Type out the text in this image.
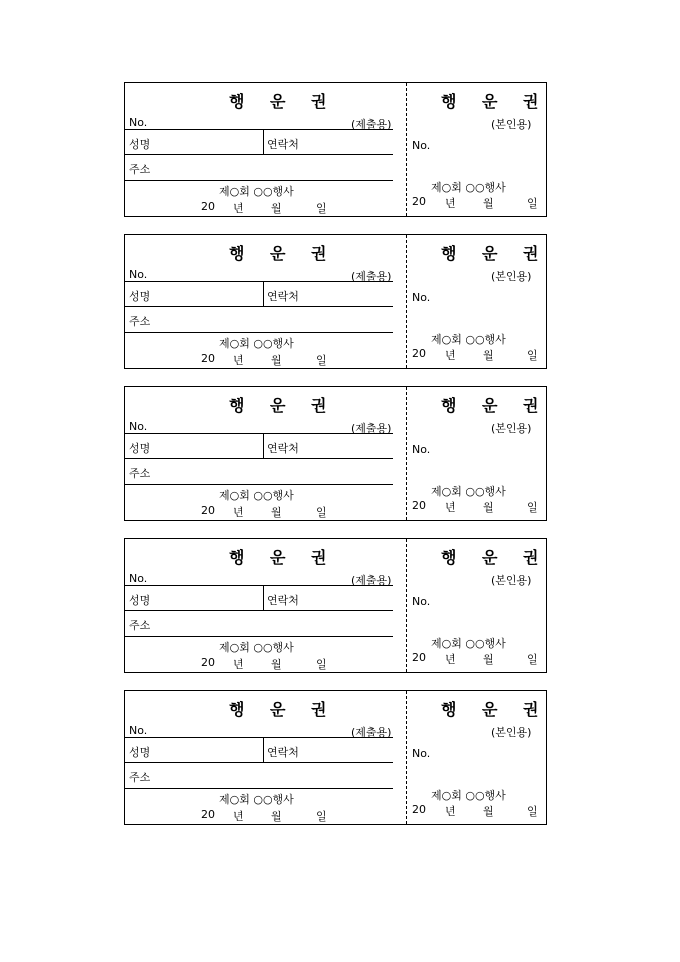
행 운 권
No.	(제출용)
성명	연락처
주소
제○회 ○○행사
20 년 월	일
행 운 권
(본인용)
No.
제○회 ○○행사
20 년 월	일
행 운 권
No.	(제출용)
성명	연락처
주소
제○회 ○○행사
20 년 월	일
행 운 권
(본인용)
No.
제○회 ○○행사
20 년 월	일
행 운 권
No.	(제출용)
성명	연락처
주소
제○회 ○○행사
20 년 월	일
행 운 권
(본인용)
No.
제○회 ○○행사
20 년 월	일
행 운 권
No.	(제출용)
성명	연락처
주소
제○회 ○○행사
20 년 월	일
행 운 권
(본인용)
No.
제○회 ○○행사
20 년 월	일
행 운 권
No.	(제출용)
성명	연락처
주소
제○회 ○○행사
20 년 월	일
행 운 권
(본인용)
No.
제○회 ○○행사
20 년 월	일
